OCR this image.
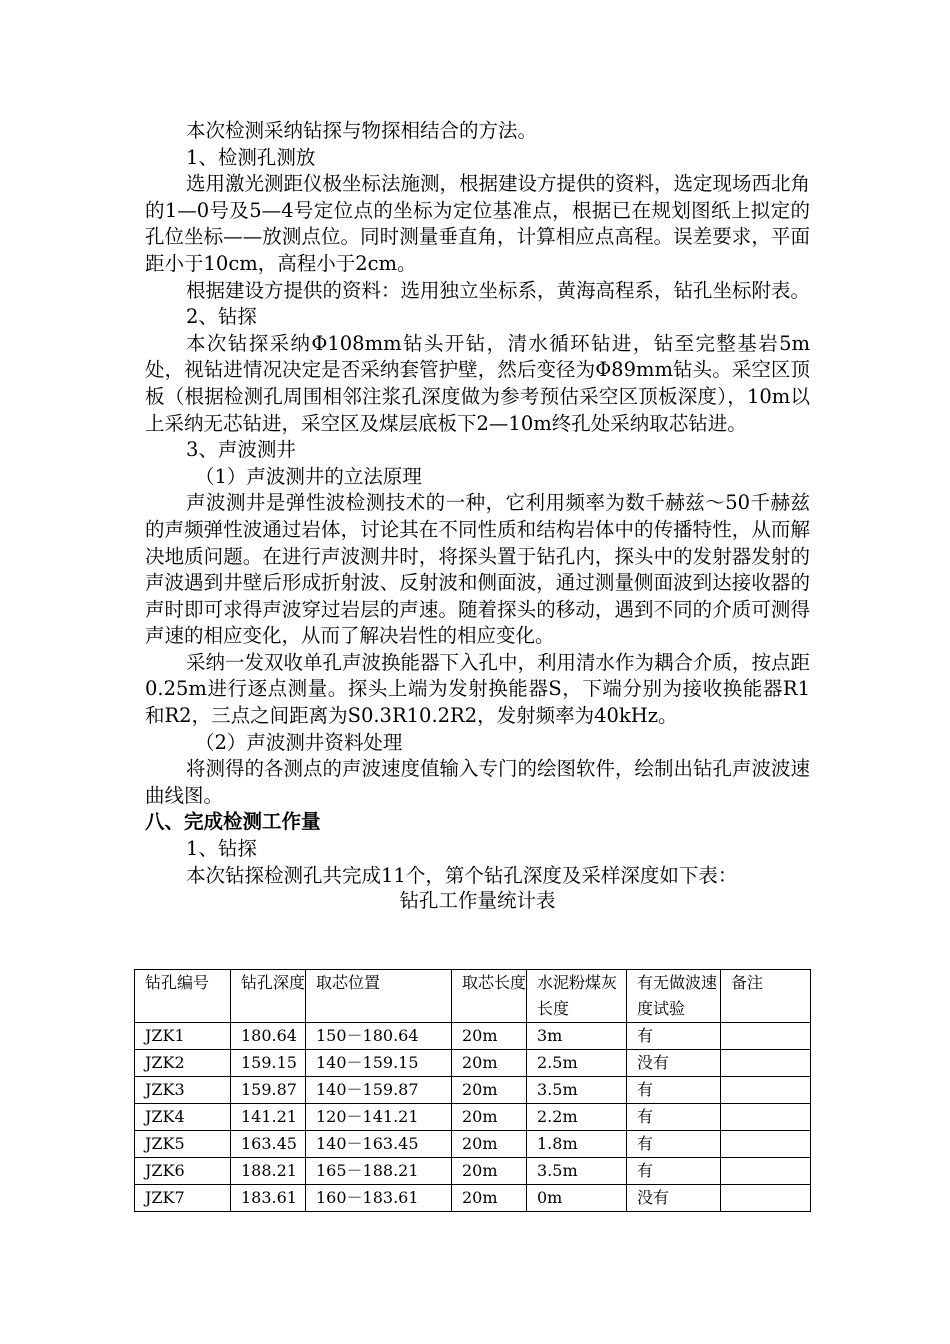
本次检测采纳钻探与物探相结合的方法。

1、检测孔测放

选用激光测距仪极坐标法施测，根据建设方提供的资料，选定现场西北角的1—0号及5—4号定位点的坐标为定位基准点，根据已在规划图纸上拟定的孔位坐标——放测点位。同时测量垂直角，计算相应点高程。误差要求，平面距小于10cm，高程小于2cm。

根据建设方提供的资料：选用独立坐标系，黄海高程系，钻孔坐标附表。

2、钻探

本次钻探采纳Φ108mm钻头开钻，清水循环钻进，钻至完整基岩5m处，视钻进情况决定是否采纳套管护壁，然后变径为Φ89mm钻头。采空区顶板（根据检测孔周围相邻注浆孔深度做为参考预估采空区顶板深度），10m以上采纳无芯钻进，采空区及煤层底板下2—10m终孔处采纳取芯钻进。

3、声波测井

（1）声波测井的立法原理

声波测井是弹性波检测技术的一种，它利用频率为数千赫兹～50千赫兹的声频弹性波通过岩体，讨论其在不同性质和结构岩体中的传播特性，从而解决地质问题。在进行声波测井时，将探头置于钻孔内，探头中的发射器发射的声波遇到井壁后形成折射波、反射波和侧面波，通过测量侧面波到达接收器的声时即可求得声波穿过岩层的声速。随着探头的移动，遇到不同的介质可测得声速的相应变化，从而了解决岩性的相应变化。

采纳一发双收单孔声波换能器下入孔中，利用清水作为耦合介质，按点距0.25m进行逐点测量。探头上端为发射换能器S，下端分别为接收换能器R1和R2，三点之间距离为S0.3R10.2R2，发射频率为40kHz。

（2）声波测井资料处理

将测得的各测点的声波速度值输入专门的绘图软件，绘制出钻孔声波波速曲线图。

八、完成检测工作量

1、钻探

本次钻探检测孔共完成11个，第个钻孔深度及采样深度如下表：

钻孔工作量统计表

钻孔编号	钻孔深度	取芯位置	取芯长度	水泥粉煤灰长度	有无做波速度试验	备注
JZK1	180.64	150－180.64	20m	3m	有	
JZK2	159.15	140－159.15	20m	2.5m	没有	
JZK3	159.87	140－159.87	20m	3.5m	有	
JZK4	141.21	120－141.21	20m	2.2m	有	
JZK5	163.45	140－163.45	20m	1.8m	有	
JZK6	188.21	165－188.21	20m	3.5m	有	
JZK7	183.61	160－183.61	20m	0m	没有	
